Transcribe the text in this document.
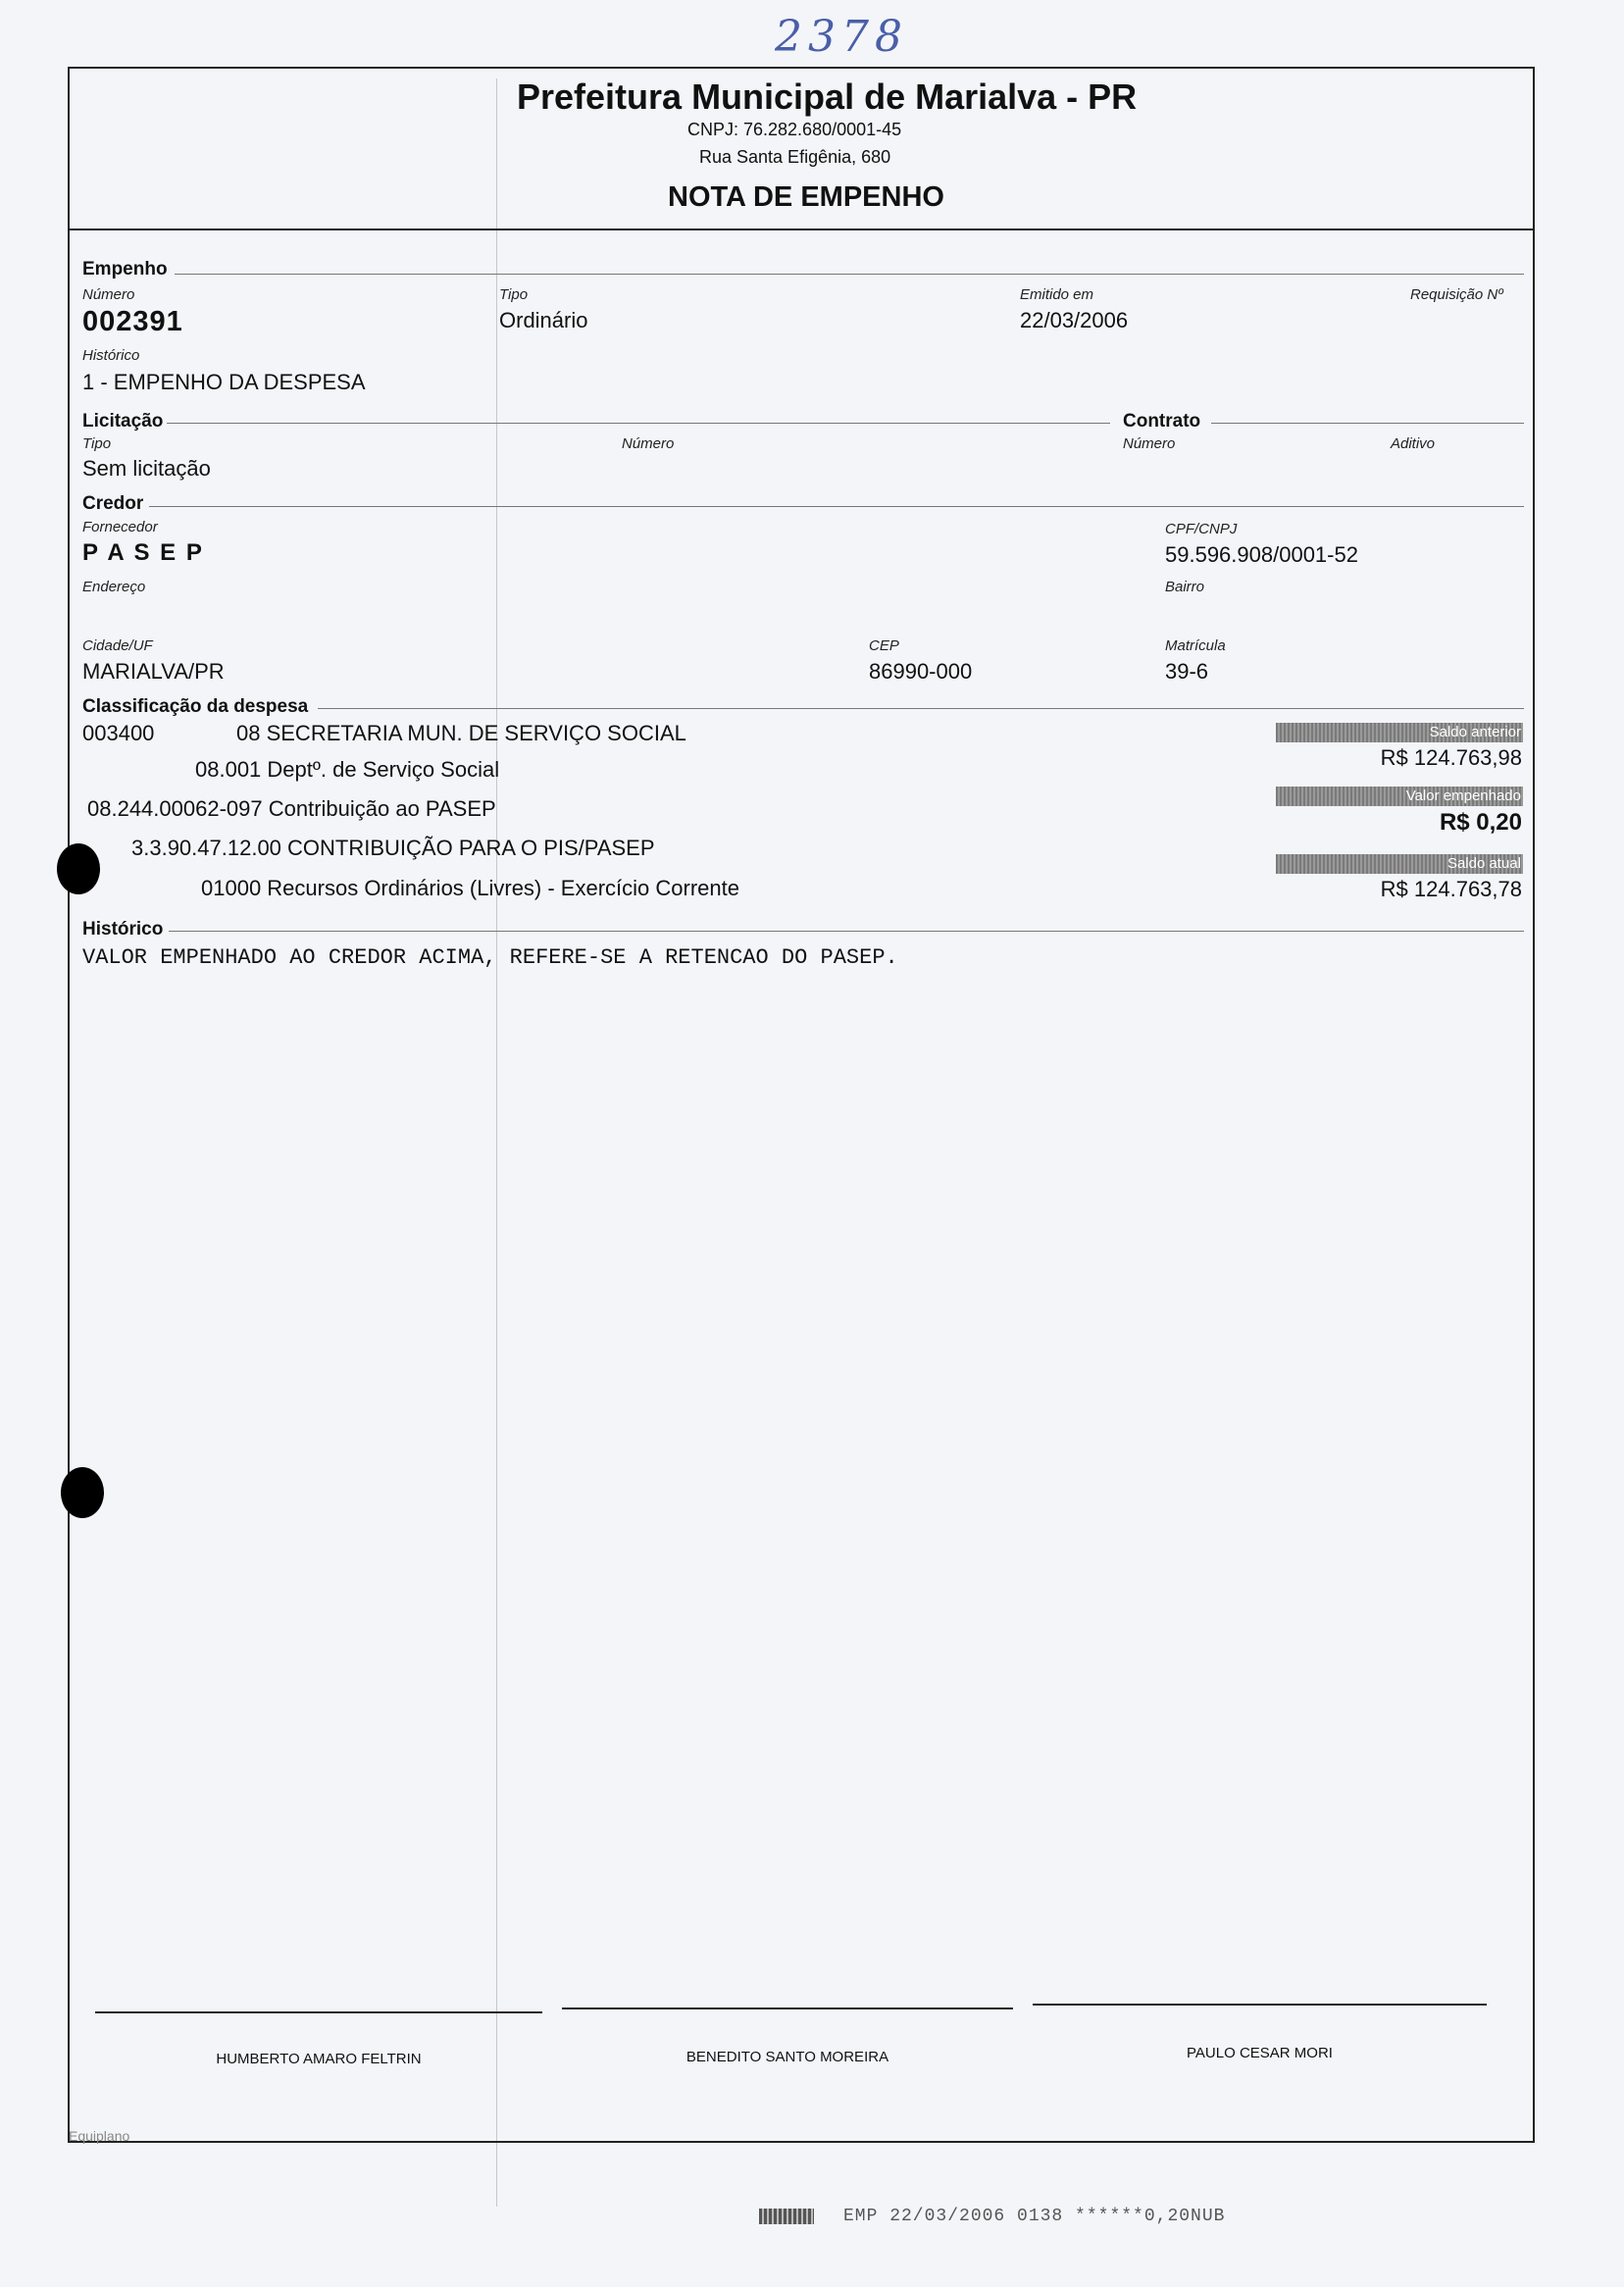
2378
Prefeitura Municipal de Marialva - PR
CNPJ: 76.282.680/0001-45
Rua Santa Efigênia, 680
NOTA DE EMPENHO
Empenho
Número
002391
Tipo
Ordinário
Emitido em
22/03/2006
Requisição Nº
Histórico
1 - EMPENHO DA DESPESA
Licitação	Contrato
Tipo
Sem licitação
Número	Número	Aditivo
Credor
Fornecedor
P A S E P
CPF/CNPJ
59.596.908/0001-52
Endereço	Bairro
Cidade/UF
MARIALVA/PR
CEP
86990-000
Matrícula
39-6
Classificação da despesa
003400	08 SECRETARIA MUN. DE SERVIÇO SOCIAL
08.001 Deptº. de Serviço Social
08.244.00062-097 Contribuição ao PASEP
3.3.90.47.12.00 CONTRIBUIÇÃO PARA O PIS/PASEP
01000 Recursos Ordinários (Livres) - Exercício Corrente
Saldo anterior
R$ 124.763,98
Valor empenhado
R$ 0,20
Saldo atual
R$ 124.763,78
Histórico
VALOR EMPENHADO AO CREDOR ACIMA, REFERE-SE A RETENCAO DO PASEP.
HUMBERTO AMARO FELTRIN	BENEDITO SANTO MOREIRA	PAULO CESAR MORI
Equiplano
EMP 22/03/2006 0138 ******0,20NUB
